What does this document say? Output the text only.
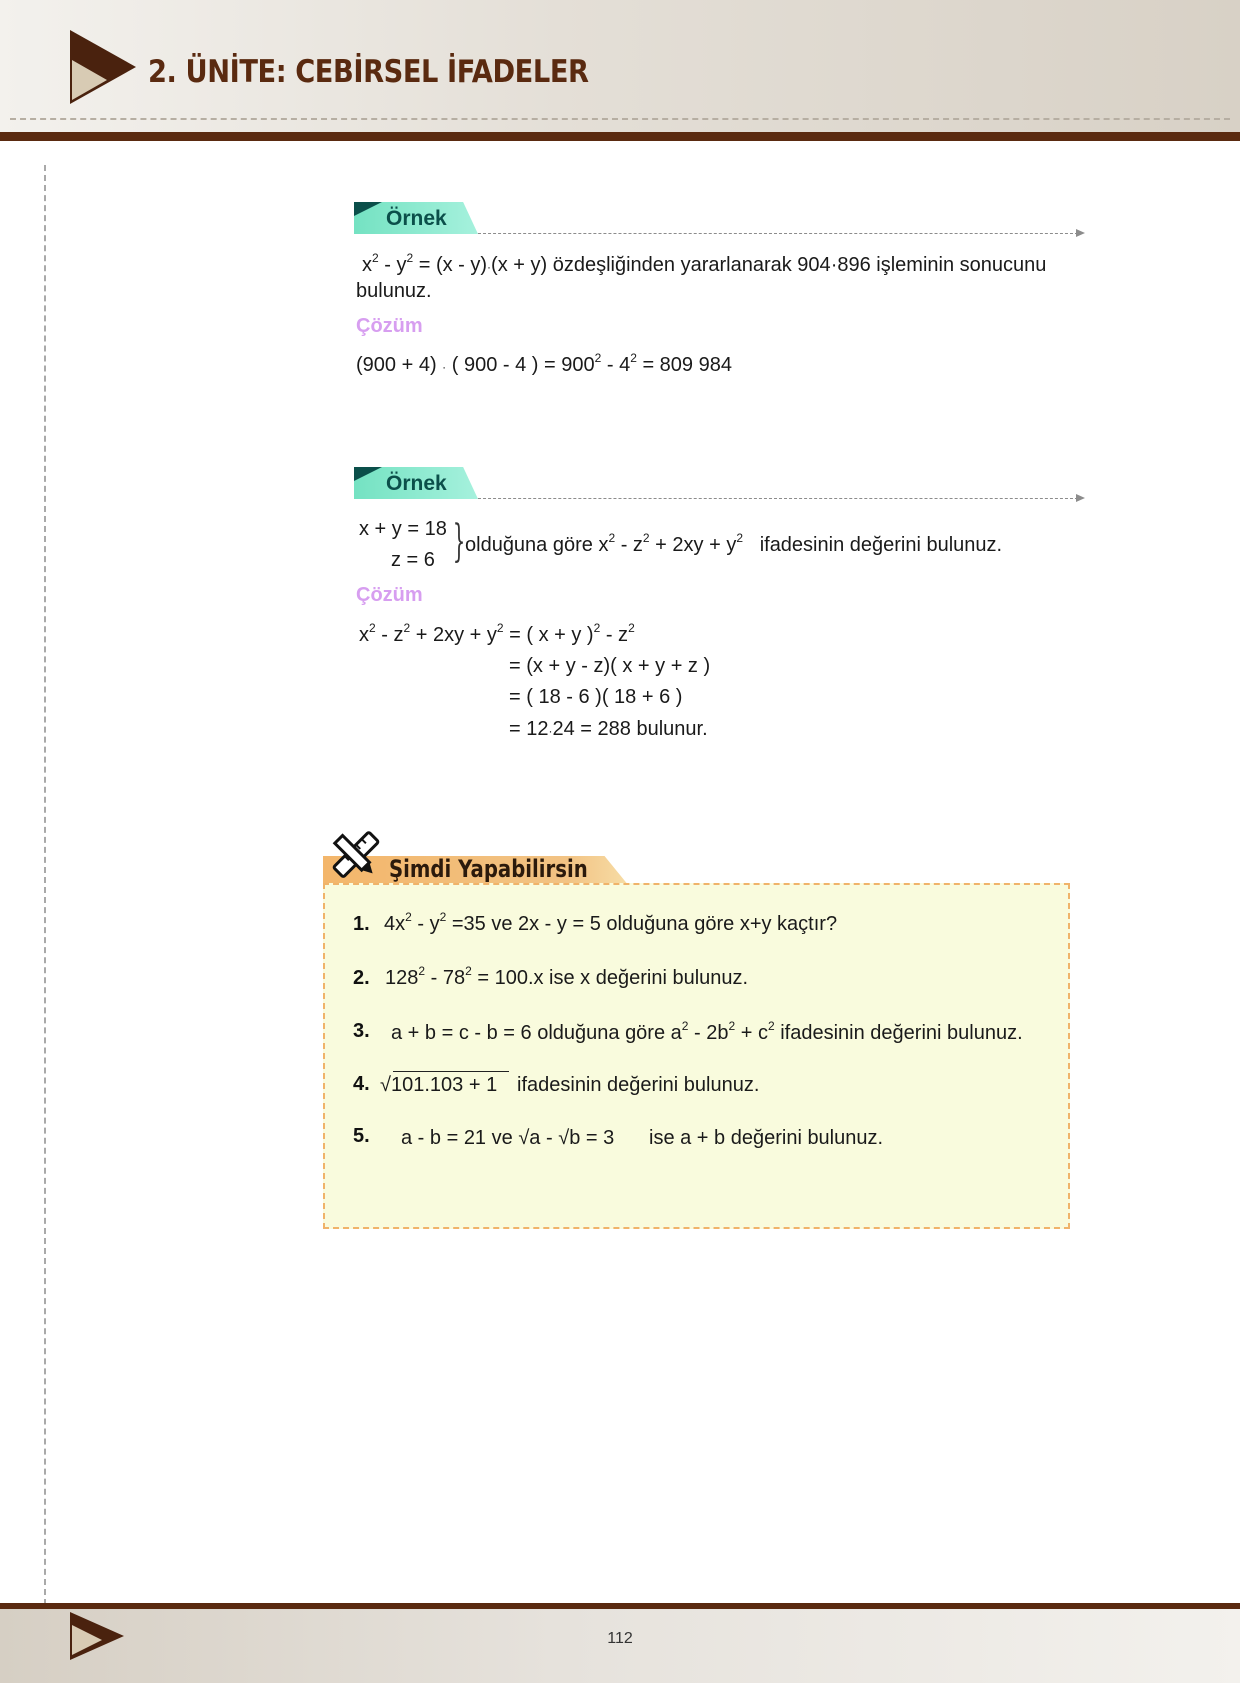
2. ÜNİTE: CEBİRSEL İFADELER
Örnek
$x^2 - y^2 = (x - y)\cdot(x + y)$ özdeşliğinden yararlanarak 904·896 işleminin sonucunu
bulunuz.
Çözüm
(900 + 4) · ( 900 - 4 ) = $900^2 - 4^2 = 809$ 984
Örnek
x + y = 18
z = 6 } olduğuna göre $x^2 - z^2 + 2xy + y^2$ ifadesinin değerini bulunuz.
Çözüm
$x^2 - z^2 + 2xy + y^2$ = ( x + y )$^2 - z^2$
= (x + y - z)( x + y + z )
= ( 18 - 6 )( 18 + 6 )
= 12·24 = 288 bulunur.
Şimdi Yapabilirsin
1. $4x^2 - y^2 =35$ ve 2x - y = 5 olduğuna göre x+y kaçtır?
2. $128^2 - 78^2 = 100.x$ ise x değerini bulunuz.
3. a + b = c - b = 6 olduğuna göre $a^2 - 2b^2 + c^2$ ifadesinin değerini bulunuz.
4. √101.103 + 1 ifadesinin değerini bulunuz.
5. a - b = 21 ve √a - √b = 3 ise a + b değerini bulunuz.
112
